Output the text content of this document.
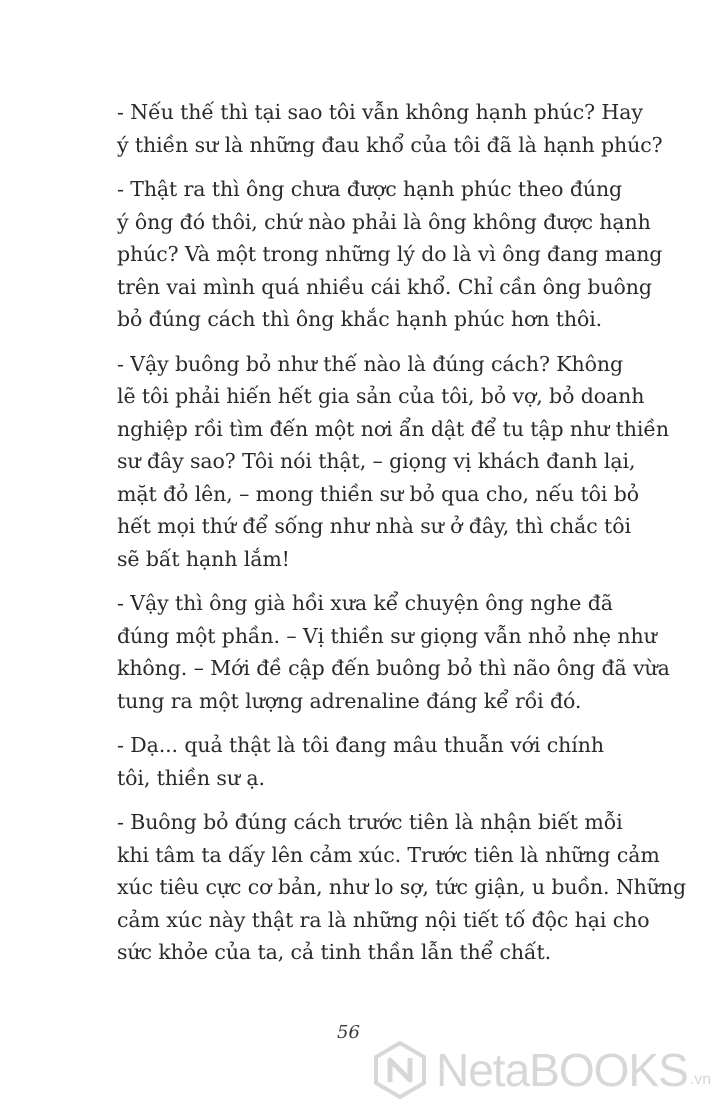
- Nếu thế thì tại sao tôi vẫn không hạnh phúc? Hay
ý thiền sư là những đau khổ của tôi đã là hạnh phúc?
- Thật ra thì ông chưa được hạnh phúc theo đúng
ý ông đó thôi, chứ nào phải là ông không được hạnh
phúc? Và một trong những lý do là vì ông đang mang
trên vai mình quá nhiều cái khổ. Chỉ cần ông buông
bỏ đúng cách thì ông khắc hạnh phúc hơn thôi.
- Vậy buông bỏ như thế nào là đúng cách? Không
lẽ tôi phải hiến hết gia sản của tôi, bỏ vợ, bỏ doanh
nghiệp rồi tìm đến một nơi ẩn dật để tu tập như thiền
sư đây sao? Tôi nói thật, – giọng vị khách đanh lại,
mặt đỏ lên, – mong thiền sư bỏ qua cho, nếu tôi bỏ
hết mọi thứ để sống như nhà sư ở đây, thì chắc tôi
sẽ bất hạnh lắm!
- Vậy thì ông già hồi xưa kể chuyện ông nghe đã
đúng một phần. – Vị thiền sư giọng vẫn nhỏ nhẹ như
không. – Mới đề cập đến buông bỏ thì não ông đã vừa
tung ra một lượng adrenaline đáng kể rồi đó.
- Dạ... quả thật là tôi đang mâu thuẫn với chính
tôi, thiền sư ạ.
- Buông bỏ đúng cách trước tiên là nhận biết mỗi
khi tâm ta dấy lên cảm xúc. Trước tiên là những cảm
xúc tiêu cực cơ bản, như lo sợ, tức giận, u buồn. Những
cảm xúc này thật ra là những nội tiết tố độc hại cho
sức khỏe của ta, cả tinh thần lẫn thể chất.
56
NetaBOOKS .vn
